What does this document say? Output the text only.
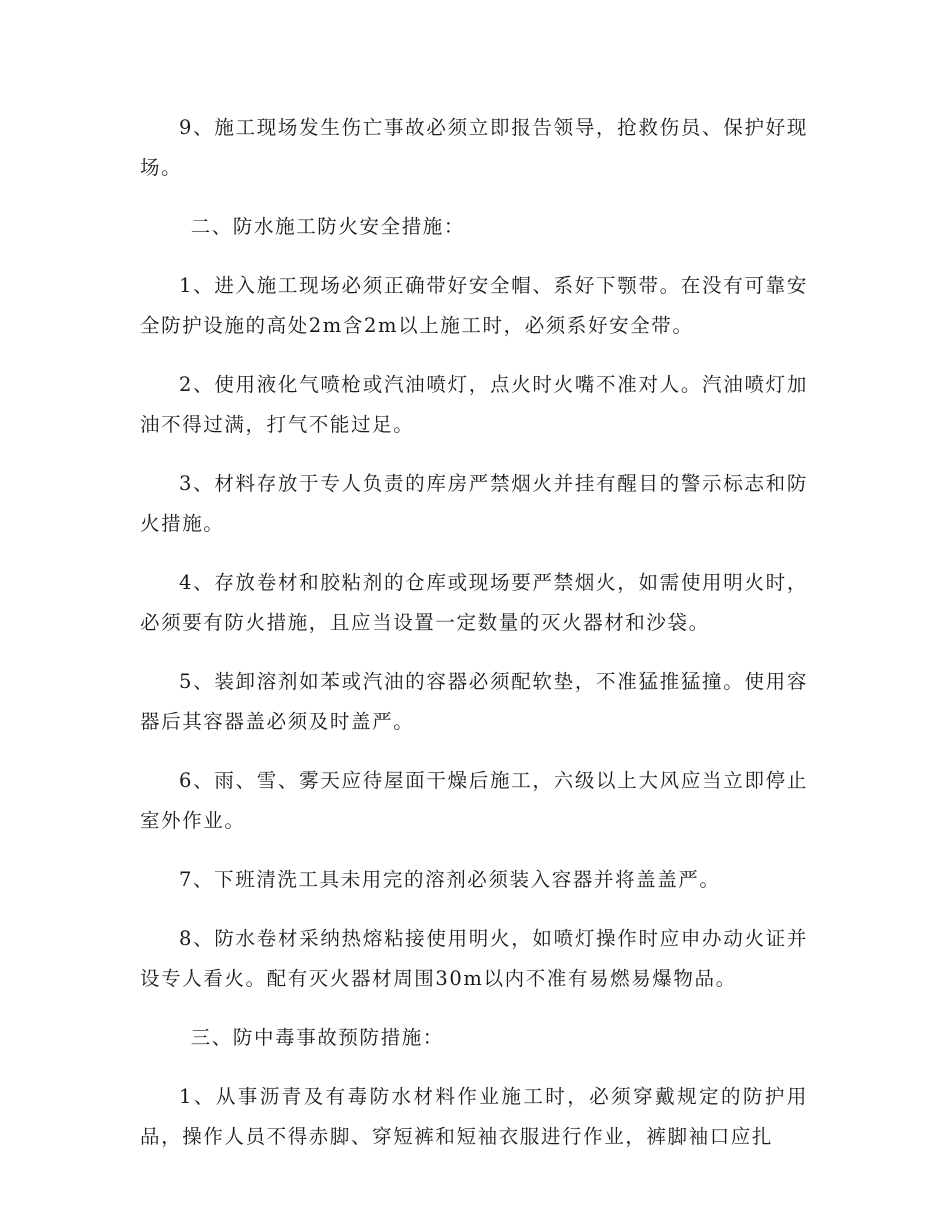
9、施工现场发生伤亡事故必须立即报告领导，抢救伤员、保护好现场。

二、防水施工防火安全措施：

1、进入施工现场必须正确带好安全帽、系好下颚带。在没有可靠安全防护设施的高处2m含2m以上施工时，必须系好安全带。

2、使用液化气喷枪或汽油喷灯，点火时火嘴不准对人。汽油喷灯加油不得过满，打气不能过足。

3、材料存放于专人负责的库房严禁烟火并挂有醒目的警示标志和防火措施。

4、存放卷材和胶粘剂的仓库或现场要严禁烟火，如需使用明火时，必须要有防火措施，且应当设置一定数量的灭火器材和沙袋。

5、装卸溶剂如苯或汽油的容器必须配软垫，不准猛推猛撞。使用容器后其容器盖必须及时盖严。

6、雨、雪、雾天应待屋面干燥后施工，六级以上大风应当立即停止室外作业。

7、下班清洗工具未用完的溶剂必须装入容器并将盖盖严。

8、防水卷材采纳热熔粘接使用明火，如喷灯操作时应申办动火证并设专人看火。配有灭火器材周围30m以内不准有易燃易爆物品。

三、防中毒事故预防措施：

1、从事沥青及有毒防水材料作业施工时，必须穿戴规定的防护用品，操作人员不得赤脚、穿短裤和短袖衣服进行作业，裤脚袖口应扎
